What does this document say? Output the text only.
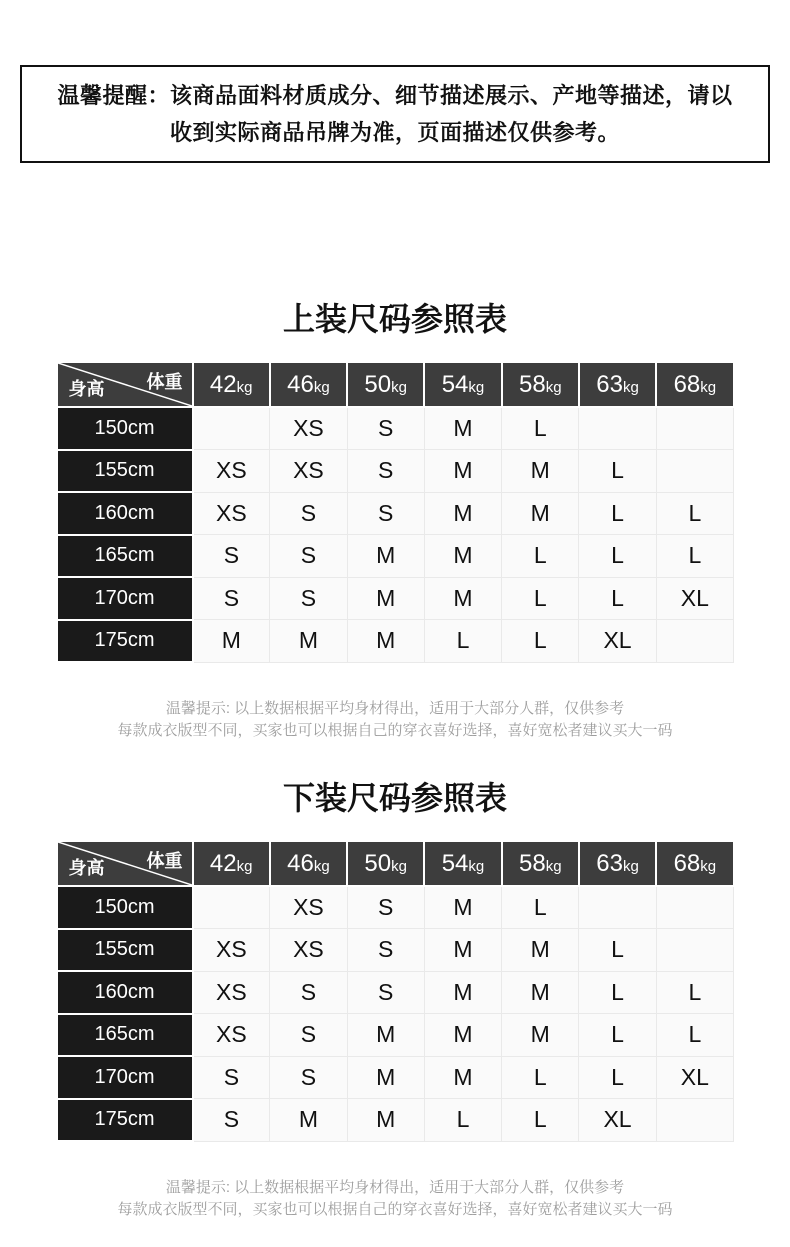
温馨提醒：该商品面料材质成分、细节描述展示、产地等描述，请以收到实际商品吊牌为准，页面描述仅供参考。

上装尺码参照表
体重
身高	42kg	46kg	50kg	54kg	58kg	63kg	68kg
150cm		XS	S	M	L		
155cm	XS	XS	S	M	M	L	
160cm	XS	S	S	M	M	L	L
165cm	S	S	M	M	L	L	L
170cm	S	S	M	M	L	L	XL
175cm	M	M	M	L	L	XL	

温馨提示: 以上数据根据平均身材得出，适用于大部分人群，仅供参考
每款成衣版型不同，买家也可以根据自己的穿衣喜好选择，喜好宽松者建议买大一码

下装尺码参照表
体重
身高	42kg	46kg	50kg	54kg	58kg	63kg	68kg
150cm		XS	S	M	L		
155cm	XS	XS	S	M	M	L	
160cm	XS	S	S	M	M	L	L
165cm	XS	S	M	M	M	L	L
170cm	S	S	M	M	L	L	XL
175cm	S	M	M	L	L	XL	

温馨提示: 以上数据根据平均身材得出，适用于大部分人群，仅供参考
每款成衣版型不同，买家也可以根据自己的穿衣喜好选择，喜好宽松者建议买大一码
